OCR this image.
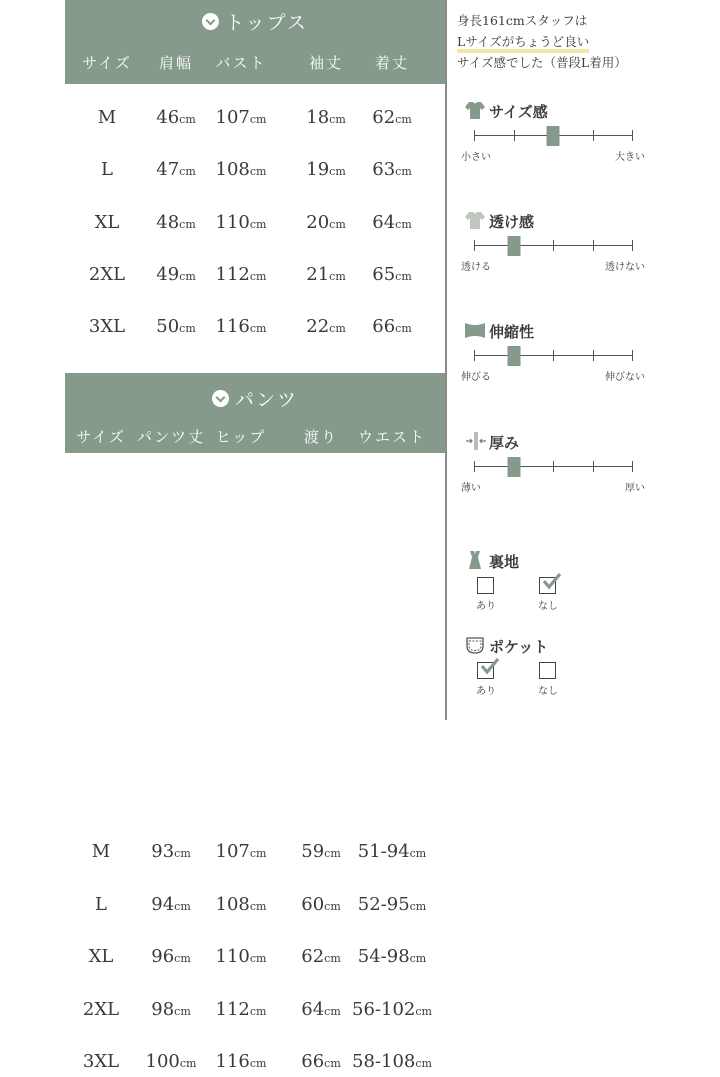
トップス
サイズ 肩幅 バスト	袖丈 着丈
M 46cm 107cm 18cm 62cm
L 47cm 108cm 19cm 63cm
XL 48cm 110cm 20cm 64cm
2XL 49cm 112cm 21cm 65cm
3XL 50cm 116cm 22cm 66cm
パンツ
サイズ パンツ丈 ヒップ	渡り ウエスト
M 93cm 107cm 59cm 51-94cm
L 94cm 108cm 60cm 52-95cm
XL 96cm 110cm 62cm 54-98cm
2XL 98cm 112cm 64cm 56-102cm
3XL 100cm 116cm 66cm 58-108cm
身長161cmスタッフは
Lサイズがちょうど良い
サイズ感でした（普段L着用）
サイズ感
小さい	大きい
透け感
透ける	透けない
伸縮性
伸びる	伸びない
厚み
薄い	厚い
裏地
あり	なし
ポケット
あり	なし
